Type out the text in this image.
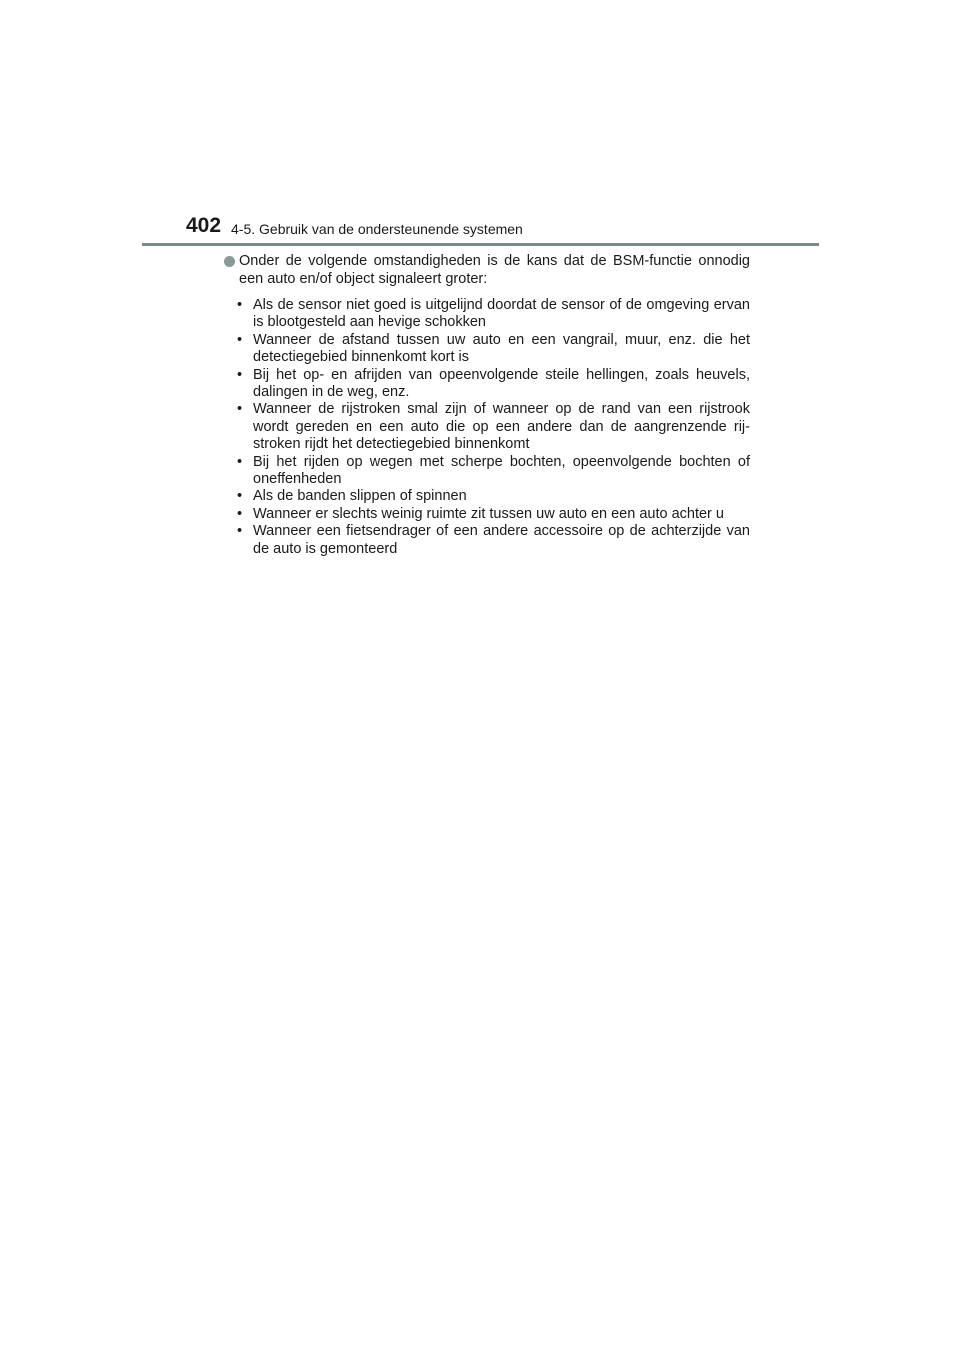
402 4-5. Gebruik van de ondersteunende systemen
Onder de volgende omstandigheden is de kans dat de BSM-functie onnodig een auto en/of object signaleert groter:
• Als de sensor niet goed is uitgelijnd doordat de sensor of de omgeving ervan is blootgesteld aan hevige schokken
• Wanneer de afstand tussen uw auto en een vangrail, muur, enz. die het detectiegebied binnenkomt kort is
• Bij het op- en afrijden van opeenvolgende steile hellingen, zoals heuvels, dalingen in de weg, enz.
• Wanneer de rijstroken smal zijn of wanneer op de rand van een rijstrook wordt gereden en een auto die op een andere dan de aangrenzende rij-stroken rijdt het detectiegebied binnenkomt
• Bij het rijden op wegen met scherpe bochten, opeenvolgende bochten of oneffenheden
• Als de banden slippen of spinnen
• Wanneer er slechts weinig ruimte zit tussen uw auto en een auto achter u
• Wanneer een fietsendrager of een andere accessoire op de achterzijde van de auto is gemonteerd
